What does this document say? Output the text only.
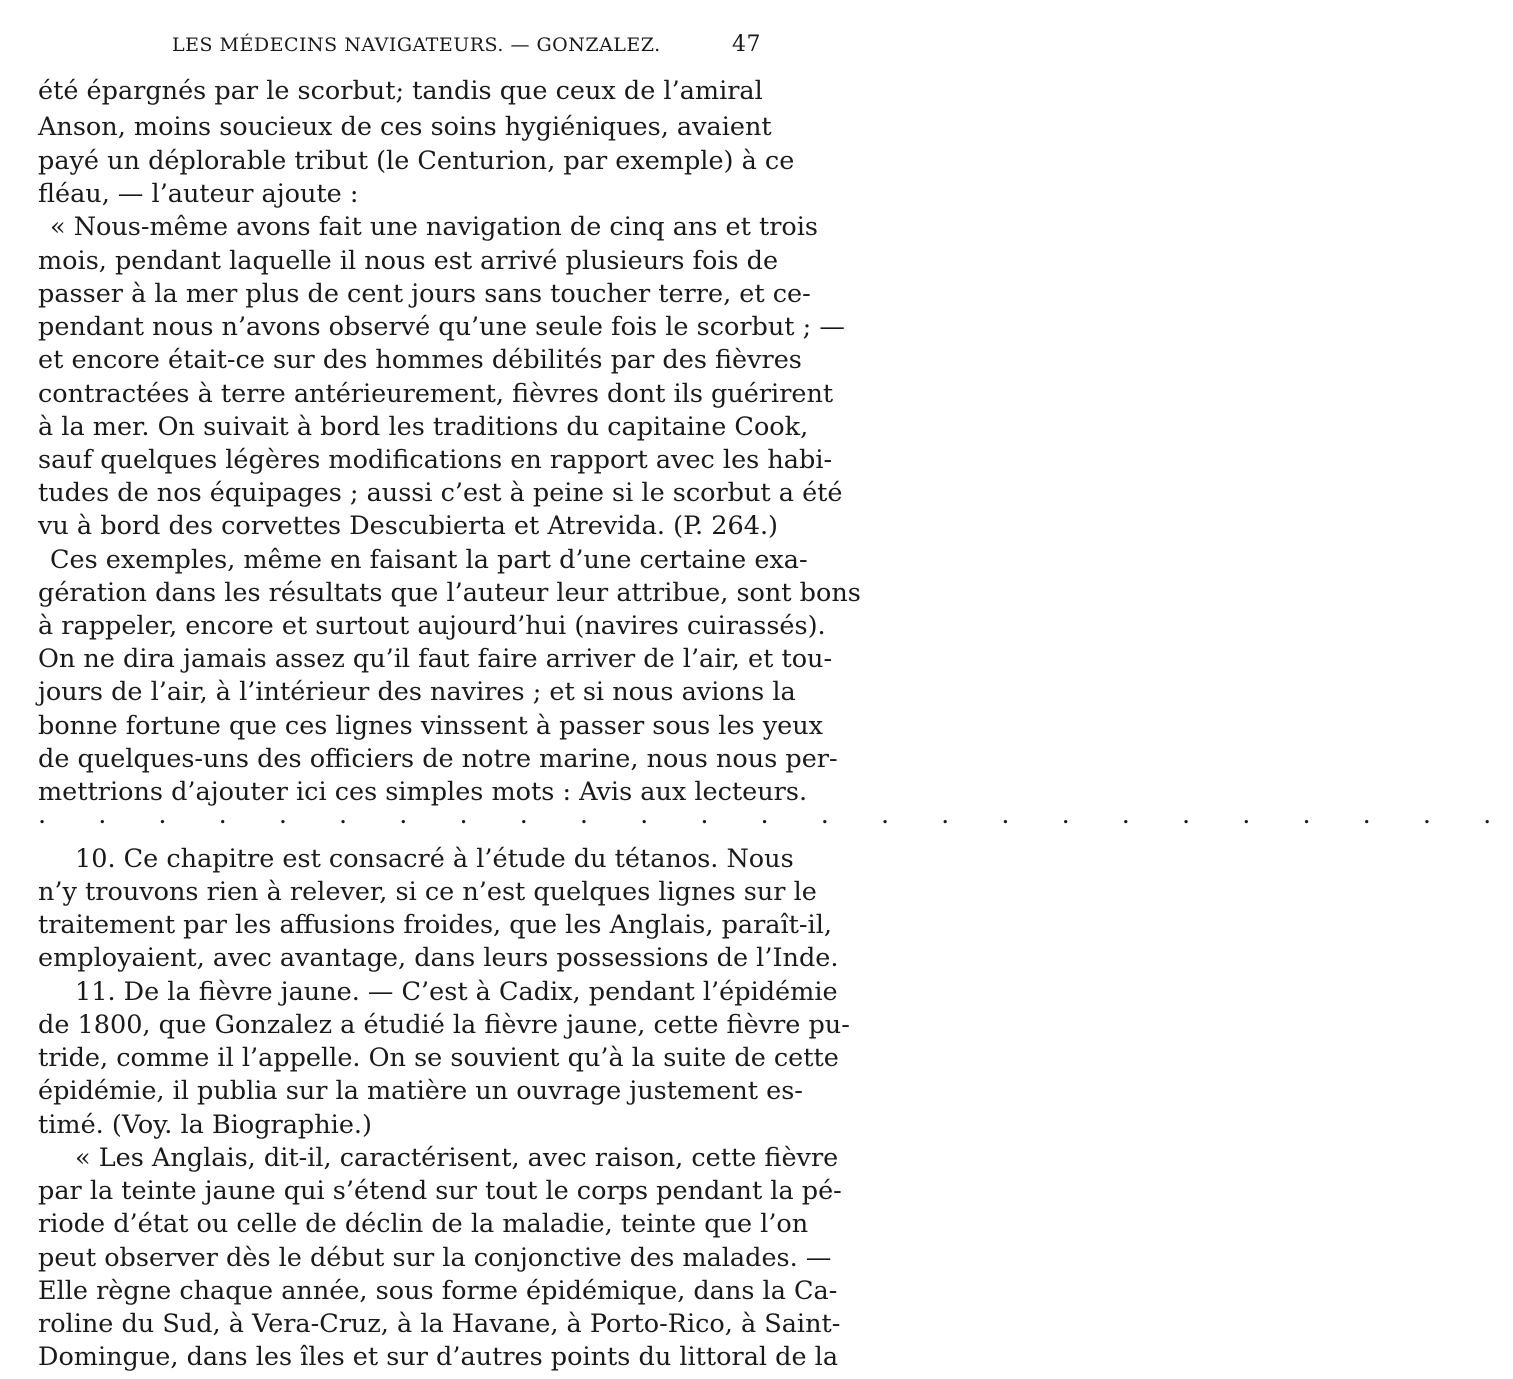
LES MÉDECINS NAVIGATEURS. — GONZALEZ.	47
été épargnés par le scorbut; tandis que ceux de l’amiral
Anson, moins soucieux de ces soins hygiéniques, avaient
payé un déplorable tribut (le Centurion, par exemple) à ce
fléau, — l’auteur ajoute :
« Nous-même avons fait une navigation de cinq ans et trois
mois, pendant laquelle il nous est arrivé plusieurs fois de
passer à la mer plus de cent jours sans toucher terre, et ce-
pendant nous n’avons observé qu’une seule fois le scorbut ; —
et encore était-ce sur des hommes débilités par des fièvres
contractées à terre antérieurement, fièvres dont ils guérirent
à la mer. On suivait à bord les traditions du capitaine Cook,
sauf quelques légères modifications en rapport avec les habi-
tudes de nos équipages ; aussi c’est à peine si le scorbut a été
vu à bord des corvettes Descubierta et Atrevida. (P. 264.)
Ces exemples, même en faisant la part d’une certaine exa-
gération dans les résultats que l’auteur leur attribue, sont bons
à rappeler, encore et surtout aujourd’hui (navires cuirassés).
On ne dira jamais assez qu’il faut faire arriver de l’air, et tou-
jours de l’air, à l’intérieur des navires ; et si nous avions la
bonne fortune que ces lignes vinssent à passer sous les yeux
de quelques-uns des officiers de notre marine, nous nous per-
mettrions d’ajouter ici ces simples mots : Avis aux lecteurs.
. . . . . . . . . . . . . . . . . . . . . . . . .
10. Ce chapitre est consacré à l’étude du tétanos. Nous
n’y trouvons rien à relever, si ce n’est quelques lignes sur le
traitement par les affusions froides, que les Anglais, paraît-il,
employaient, avec avantage, dans leurs possessions de l’Inde.
11. De la fièvre jaune. — C’est à Cadix, pendant l’épidémie
de 1800, que Gonzalez a étudié la fièvre jaune, cette fièvre pu-
tride, comme il l’appelle. On se souvient qu’à la suite de cette
épidémie, il publia sur la matière un ouvrage justement es-
timé. (Voy. la Biographie.)
« Les Anglais, dit-il, caractérisent, avec raison, cette fièvre
par la teinte jaune qui s’étend sur tout le corps pendant la pé-
riode d’état ou celle de déclin de la maladie, teinte que l’on
peut observer dès le début sur la conjonctive des malades. —
Elle règne chaque année, sous forme épidémique, dans la Ca-
roline du Sud, à Vera-Cruz, à la Havane, à Porto-Rico, à Saint-
Domingue, dans les îles et sur d’autres points du littoral de la
